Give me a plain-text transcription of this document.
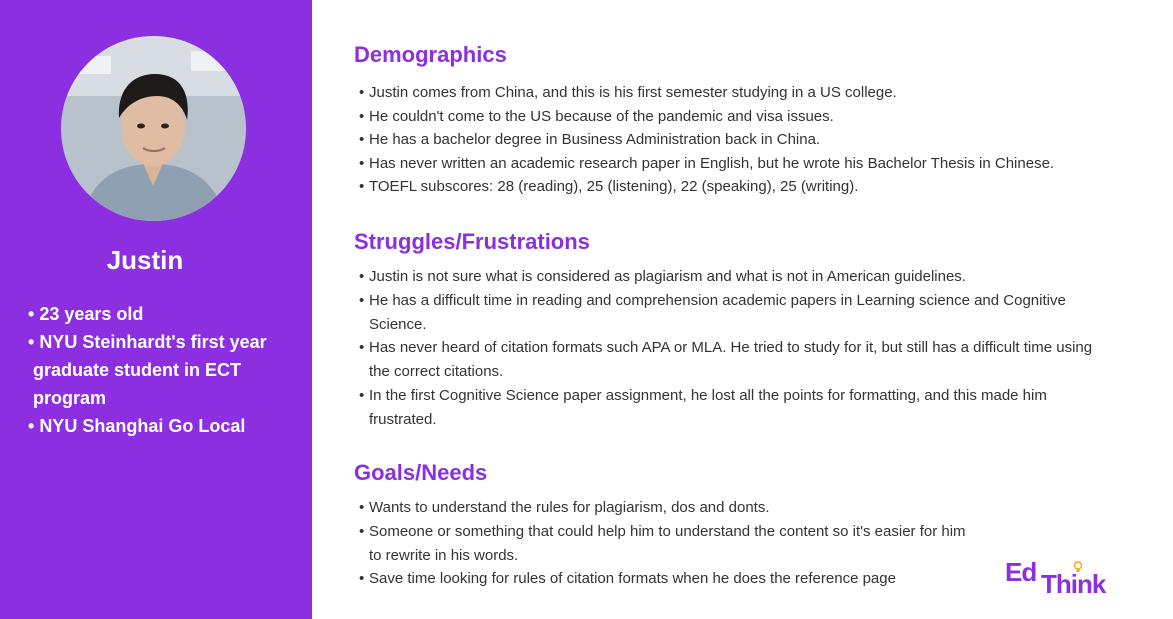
Justin
• 23 years old
• NYU Steinhardt's first year graduate student in ECT program
• NYU Shanghai Go Local
Demographics
• Justin comes from China, and this is his first semester studying in a US college.
• He couldn't come to the US because of the pandemic and visa issues.
• He has a bachelor degree in Business Administration back in China.
• Has never written an academic research paper in English, but he wrote his Bachelor Thesis in Chinese.
• TOEFL subscores: 28 (reading), 25 (listening), 22 (speaking), 25 (writing).
Struggles/Frustrations
• Justin is not sure what is considered as plagiarism and what is not in American guidelines.
• He has a difficult time in reading and comprehension academic papers in Learning science and Cognitive Science.
• Has never heard of citation formats such APA or MLA. He tried to study for it, but still has a difficult time using the correct citations.
• In the first Cognitive Science paper assignment, he lost all the points for formatting, and this made him frustrated.
Goals/Needs
• Wants to understand the rules for plagiarism, dos and donts.
• Someone or something that could help him to understand the content so it's easier for him to rewrite in his words.
• Save time looking for rules of citation formats when he does the reference page	Ed Think
